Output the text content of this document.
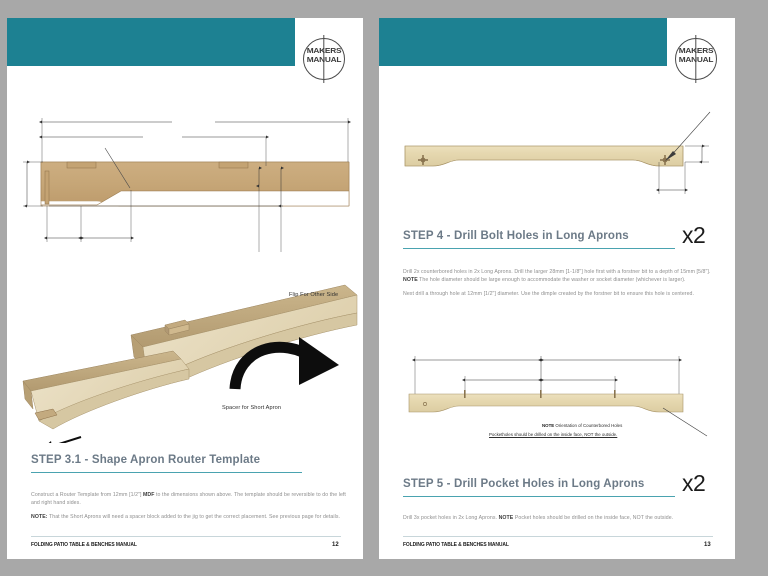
MAKERS
MANUAL
Flip For Other Side
Spacer for Short Apron
STEP 3.1 - Shape Apron Router Template

Construct a Router Template from 12mm [1/2"] MDF to the dimensions shown above. The template should be reversible to do the left and right hand sides.

NOTE: That the Short Aprons will need a spacer block added to the jig to get the correct placement. See previous page for details.

FOLDING PATIO TABLE & BENCHES MANUAL	12
MAKERS
MANUAL
STEP 4 - Drill Bolt Holes in Long Aprons x2

Drill 2x counterbored holes in 2x Long Aprons. Drill the larger 28mm [1-1/8"] hole first with a forstner bit to a depth of 15mm [5/8"]. NOTE The hole diameter should be large enough to accommodate the washer or socket diameter (whichever is larger).

Next drill a through hole at 12mm [1/2"] diameter. Use the dimple created by the forstner bit to ensure this hole is centered.

NOTE Orientation of Counterbored Holes
Pocketholes should be drilled on the inside face, NOT the outside.
STEP 5 - Drill Pocket Holes in Long Aprons x2

Drill 3x pocket holes in 2x Long Aprons. NOTE Pocket holes should be drilled on the inside face, NOT the outside.

FOLDING PATIO TABLE & BENCHES MANUAL	13
